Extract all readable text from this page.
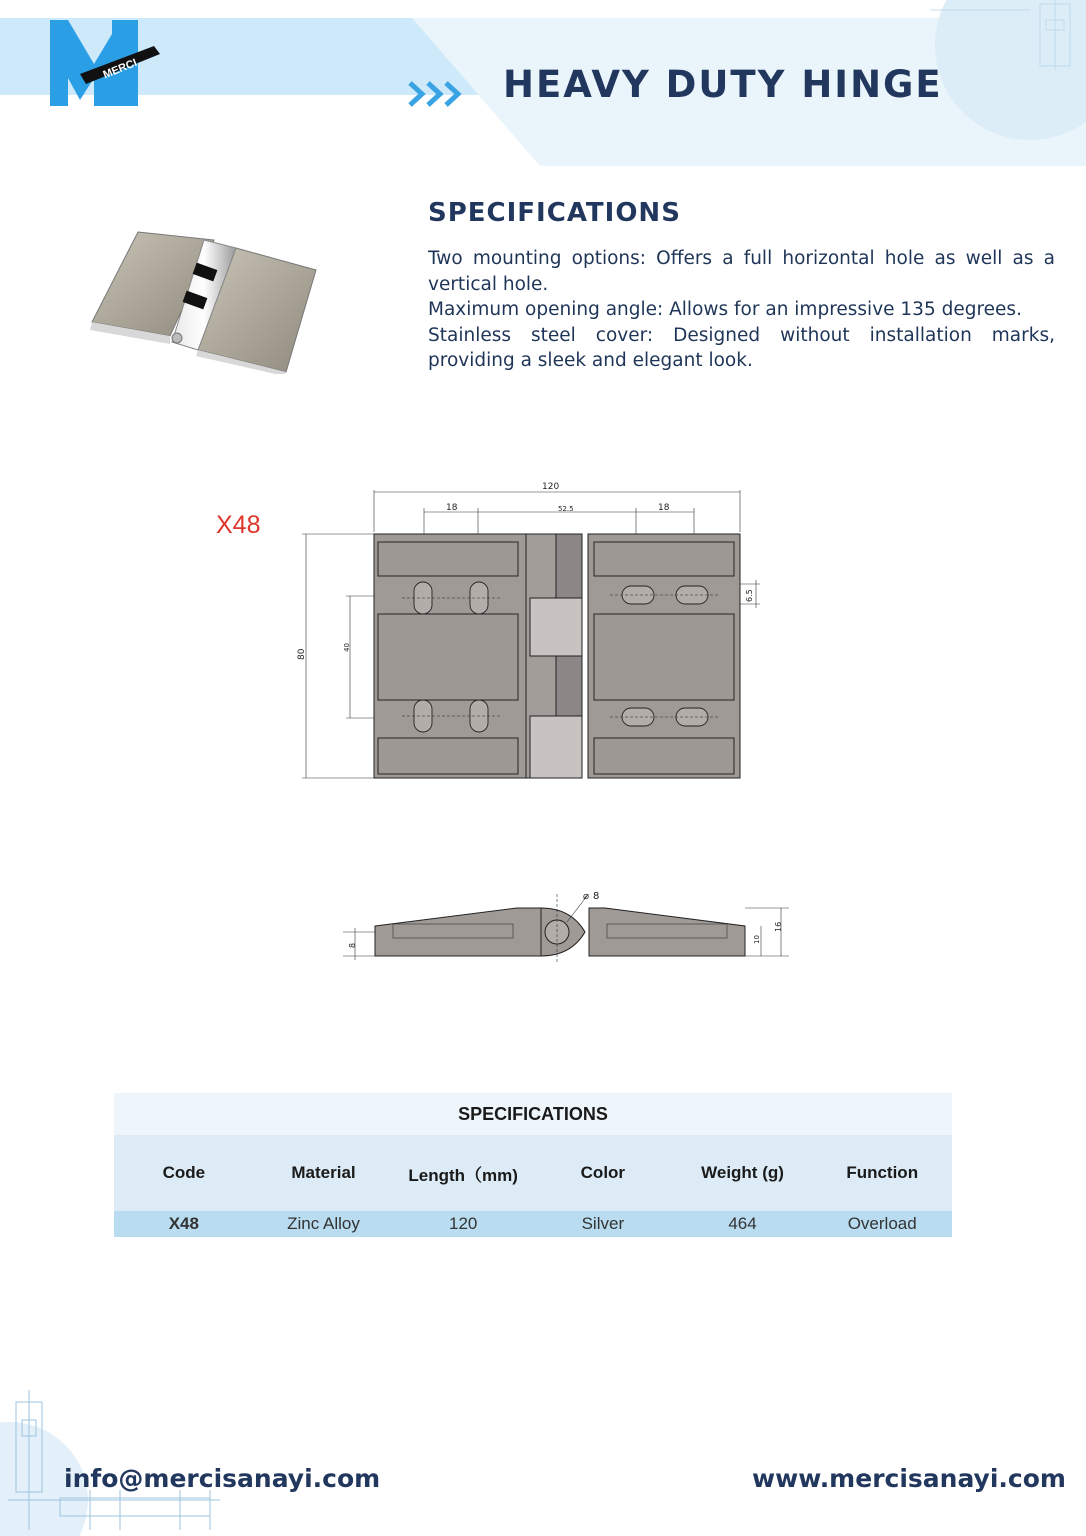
MERCI	HEAVY DUTY HINGE
SPECIFICATIONS

Two mounting options: Offers a full horizontal hole as well as a vertical hole.

Maximum opening angle: Allows for an impressive 135 degrees.

Stainless steel cover: Designed without installation marks, providing a sleek and elegant look.

X48
120
18	52.5	18
80
40
6.5
⌀ 8
16
10
8
SPECIFICATIONS
Code	Material	Length（mm)	Color	Weight (g)	Function
X48	Zinc Alloy	120	Silver	464	Overload
info@mercisanayi.com	www.mercisanayi.com
